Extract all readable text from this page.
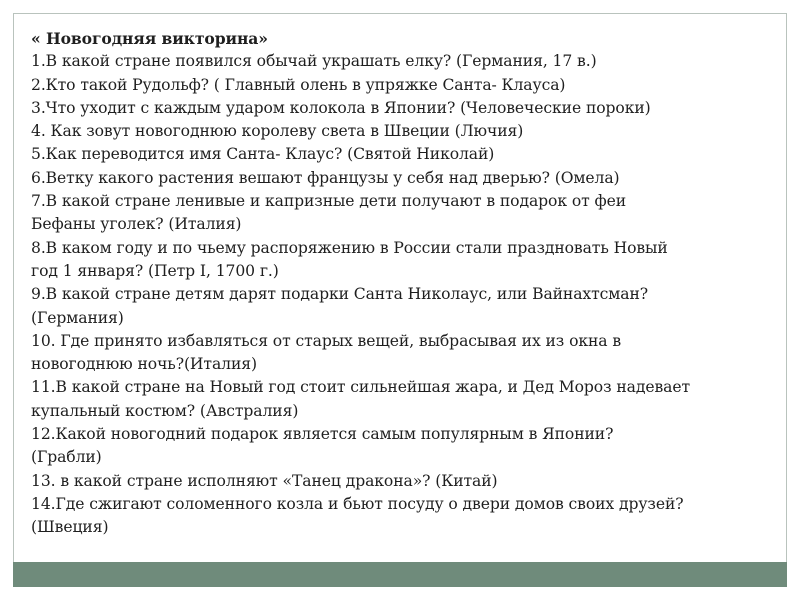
« Новогодняя викторина»

1.В какой стране появился обычай украшать елку? (Германия, 17 в.)

2.Кто такой Рудольф? ( Главный олень в упряжке Санта- Клауса)

3.Что уходит с каждым ударом колокола в Японии? (Человеческие пороки)

4. Как зовут новогоднюю королеву света в Швеции (Лючия)

5.Как переводится имя Санта- Клаус? (Святой Николай)

6.Ветку какого растения вешают французы у себя над дверью? (Омела)

7.В какой стране ленивые и капризные дети получают в подарок от феи

Бефаны уголек? (Италия)

8.В каком году и по чьему распоряжению в России стали праздновать Новый

год 1 января? (Петр I, 1700 г.)

9.В какой стране детям дарят подарки Санта Николаус, или Вайнахтсман?

(Германия)

10. Где принято избавляться от старых вещей, выбрасывая их из окна в

новогоднюю ночь?(Италия)

11.В какой стране на Новый год стоит сильнейшая жара, и Дед Мороз надевает

купальный костюм? (Австралия)

12.Какой новогодний подарок является самым популярным в Японии?

(Грабли)

13. в какой стране исполняют «Танец дракона»? (Китай)

14.Где сжигают соломенного козла и бьют посуду о двери домов своих друзей?

(Швеция)
